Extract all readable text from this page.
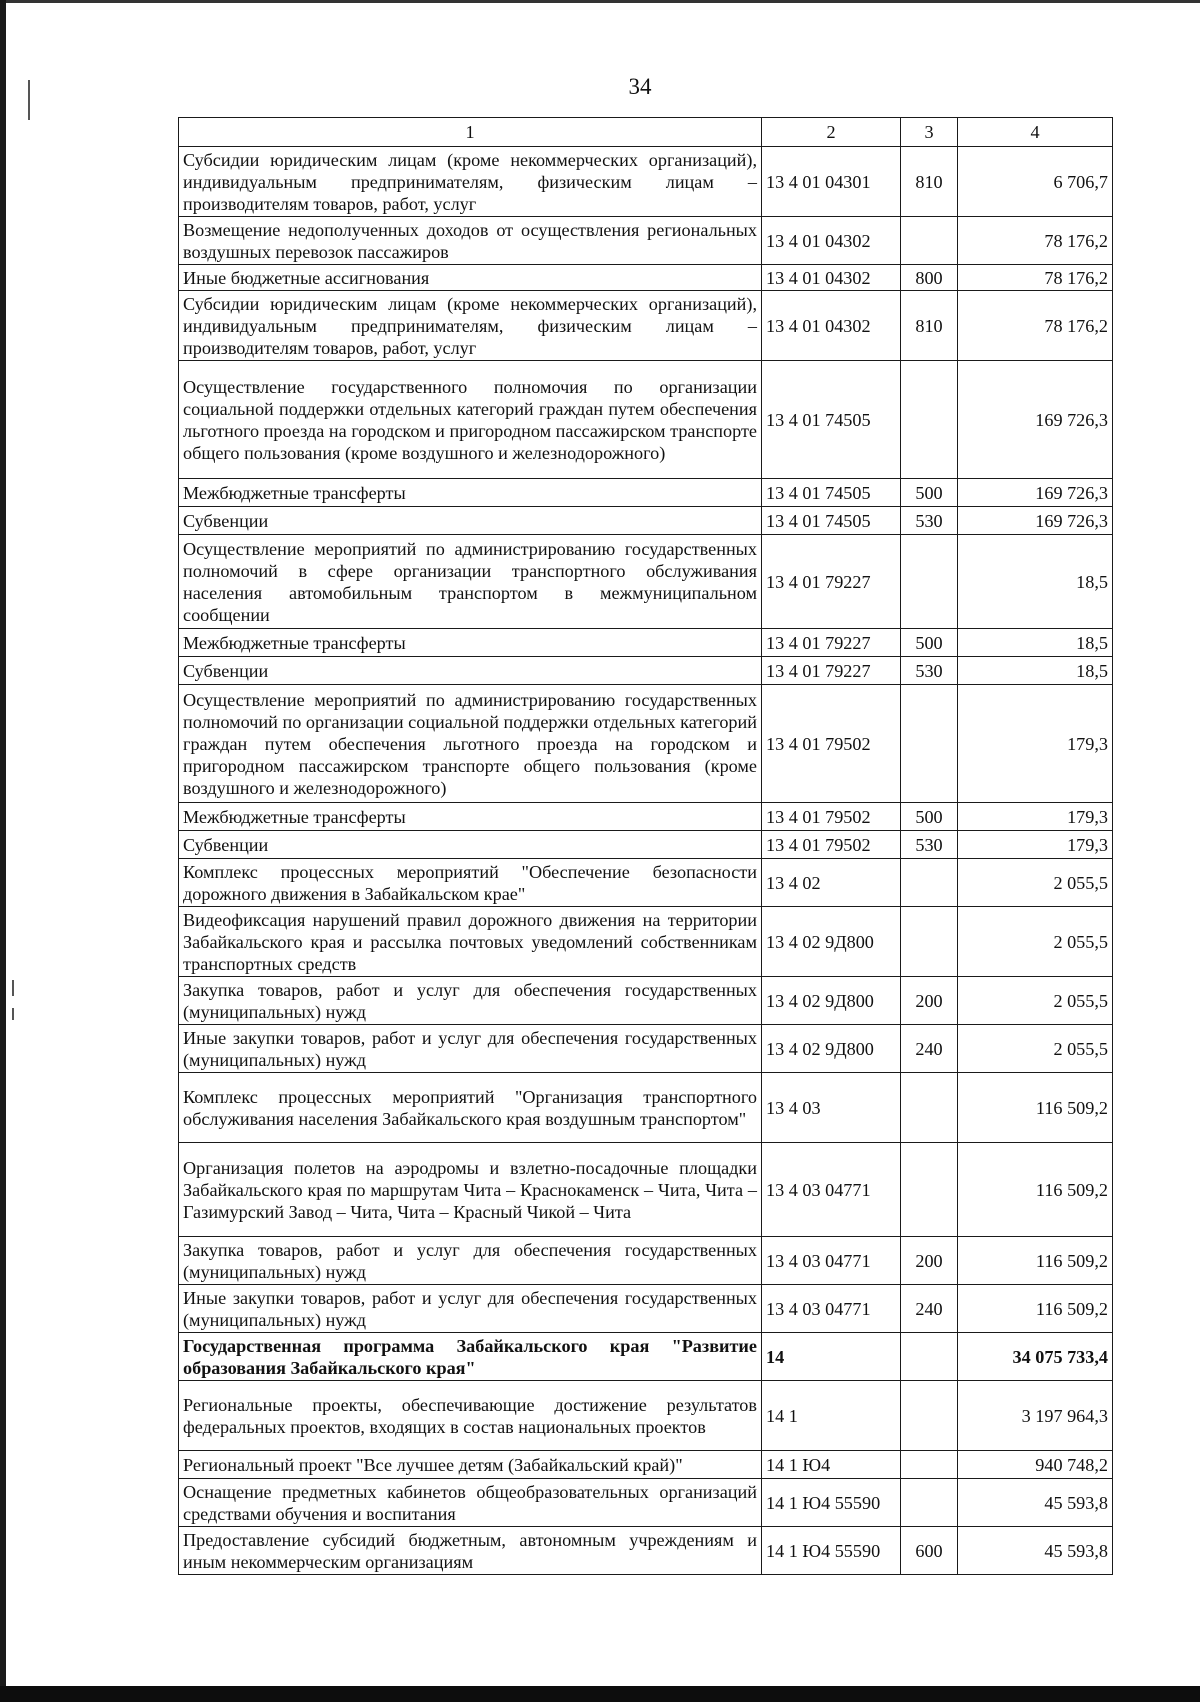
34
1	2	3	4
Субсидии юридическим лицам (кроме некоммерческих организаций), индивидуальным предпринимателям, физическим лицам – производителям товаров, работ, услуг	13 4 01 04301	810	6 706,7
Возмещение недополученных доходов от осуществления региональных воздушных перевозок пассажиров	13 4 01 04302		78 176,2
Иные бюджетные ассигнования	13 4 01 04302	800	78 176,2
Субсидии юридическим лицам (кроме некоммерческих организаций), индивидуальным предпринимателям, физическим лицам – производителям товаров, работ, услуг	13 4 01 04302	810	78 176,2
Осуществление государственного полномочия по организации социальной поддержки отдельных категорий граждан путем обеспечения льготного проезда на городском и пригородном пассажирском транспорте общего пользования (кроме воздушного и железнодорожного)	13 4 01 74505		169 726,3
Межбюджетные трансферты	13 4 01 74505	500	169 726,3
Субвенции	13 4 01 74505	530	169 726,3
Осуществление мероприятий по администрированию государственных полномочий в сфере организации транспортного обслуживания населения автомобильным транспортом в межмуниципальном сообщении	13 4 01 79227		18,5
Межбюджетные трансферты	13 4 01 79227	500	18,5
Субвенции	13 4 01 79227	530	18,5
Осуществление мероприятий по администрированию государственных полномочий по организации социальной поддержки отдельных категорий граждан путем обеспечения льготного проезда на городском и пригородном пассажирском транспорте общего пользования (кроме воздушного и железнодорожного)	13 4 01 79502		179,3
Межбюджетные трансферты	13 4 01 79502	500	179,3
Субвенции	13 4 01 79502	530	179,3
Комплекс процессных мероприятий "Обеспечение безопасности дорожного движения в Забайкальском крае"	13 4 02		2 055,5
Видеофиксация нарушений правил дорожного движения на территории Забайкальского края и рассылка почтовых уведомлений собственникам транспортных средств	13 4 02 9Д800		2 055,5
Закупка товаров, работ и услуг для обеспечения государственных (муниципальных) нужд	13 4 02 9Д800	200	2 055,5
Иные закупки товаров, работ и услуг для обеспечения государственных (муниципальных) нужд	13 4 02 9Д800	240	2 055,5
Комплекс процессных мероприятий "Организация транспортного обслуживания населения Забайкальского края воздушным транспортом"	13 4 03		116 509,2
Организация полетов на аэродромы и взлетно-посадочные площадки Забайкальского края по маршрутам Чита – Краснокаменск – Чита, Чита – Газимурский Завод – Чита, Чита – Красный Чикой – Чита	13 4 03 04771		116 509,2
Закупка товаров, работ и услуг для обеспечения государственных (муниципальных) нужд	13 4 03 04771	200	116 509,2
Иные закупки товаров, работ и услуг для обеспечения государственных (муниципальных) нужд	13 4 03 04771	240	116 509,2
Государственная программа Забайкальского края "Развитие образования Забайкальского края"	14		34 075 733,4
Региональные проекты, обеспечивающие достижение результатов федеральных проектов, входящих в состав национальных проектов	14 1		3 197 964,3
Региональный проект "Все лучшее детям (Забайкальский край)"	14 1 Ю4		940 748,2
Оснащение предметных кабинетов общеобразовательных организаций средствами обучения и воспитания	14 1 Ю4 55590		45 593,8
Предоставление субсидий бюджетным, автономным учреждениям и иным некоммерческим организациям	14 1 Ю4 55590	600	45 593,8
